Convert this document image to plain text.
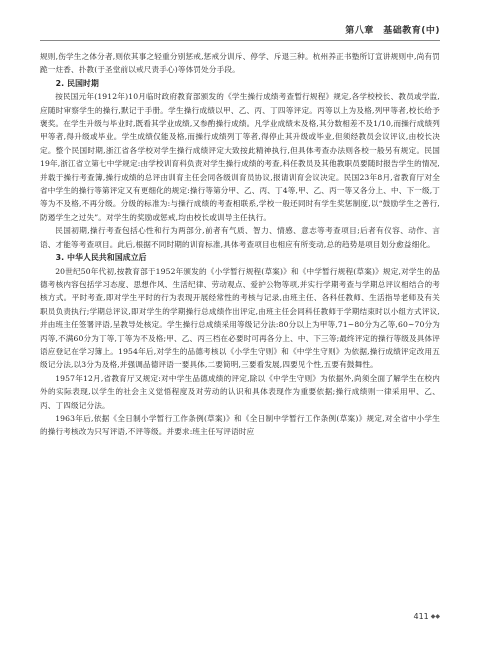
第八章　基础教育(中)

规则,伤学生之体分者,则依其事之轻重分别惩戒,惩戒分训斥、停学、斥退三种。杭州养正书塾所订宣讲规则中,尚有罚跪一炷香、扑教(于圣堂前以戒尺责手心)等体罚处分手段。

2. 民国时期

按民国元年(1912年)10月临时政府教育部颁发的《学生操行成绩考查暂行规程》规定,各学校校长、教员或学监,应随时审察学生的操行,默记于手册。学生操行成绩以甲、乙、丙、丁四等评定。丙等以上为及格,列甲等者,校长给予褒奖。在学生升级与毕业时,既看其学业成绩,又参酌操行成绩。凡学业成绩未及格,其分数相差不及1/10,而操行成绩列甲等者,得升级或毕业。学生成绩仅能及格,而操行成绩列丁等者,得停止其升级或毕业,但须经教员会议评议,由校长决定。整个民国时期,浙江省各学校对学生操行成绩评定大致按此精神执行,但具体考查办法则各校一般另有规定。民国19年,浙江省立第七中学规定:由学校训育科负责对学生操行成绩的考查,科任教员及其他教职员要随时报告学生的情况,并载于操行考查簿,操行成绩的总评由训育主任会同各级训育员协议,报请训育会议决定。民国23年8月,省教育厅对全省中学生的操行等第评定又有更细化的规定:操行等第分甲、乙、丙、丁4等,甲、乙、丙一等又各分上、中、下一级,丁等为不及格,不再分级。分级的标准为:与操行成绩的考查相联系,学校一般还同时有学生奖惩制度,以“鼓励学生之善行,防遏学生之过失”。对学生的奖励或惩戒,均由校长或训导主任执行。

民国初期,操行考查包括心性和行为两部分,前者有气质、智力、情感、意志等考查项目;后者有仪容、动作、言语、才能等考查项目。此后,根据不同时期的训育标准,具体考查项目也相应有所变动,总的趋势是项目划分愈益细化。

3. 中华人民共和国成立后

20世纪50年代初,按教育部于1952年颁发的《小学暂行规程(草案)》和《中学暂行规程(草案)》规定,对学生的品德考核内容包括学习态度、思想作风、生活纪律、劳动观点、爱护公物等项,并实行学期考查与学期总评议相结合的考核方式。平时考查,即对学生平时的行为表现开展经常性的考核与记录,由班主任、各科任教师、生活指导老师及有关职员负责执行;学期总评议,即对学生的学期操行总成绩作出评定,由班主任会同科任教师于学期结束时以小组方式评议,并由班主任签署评语,呈教导处核定。学生操行总成绩采用等级记分法:80分以上为甲等,71~80分为乙等,60~70分为丙等,不满60分为丁等,丁等为不及格;甲、乙、丙三档在必要时可再各分上、中、下三等;最终评定的操行等级及具体评语应登记在学习簿上。1954年后,对学生的品德考核以《小学生守则》和《中学生守则》为依据,操行成绩评定改用五级记分法,以3分为及格,并强调品德评语一要具体,二要简明,三要看发展,四要见个性,五要有鼓舞性。

1957年12月,省教育厅又规定:对中学生品德成绩的评定,除以《中学生守则》为依据外,尚须全面了解学生在校内外的实际表现,以学生的社会主义觉悟程度及对劳动的认识和具体表现作为重要依据;操行成绩则一律采用甲、乙、丙、丁四级记分法。

1963年后,依据《全日制小学暂行工作条例(草案)》和《全日制中学暂行工作条例(草案)》规定,对全省中小学生的操行考核改为只写评语,不评等级。并要求:班主任写评语时应

411 ◆◆
